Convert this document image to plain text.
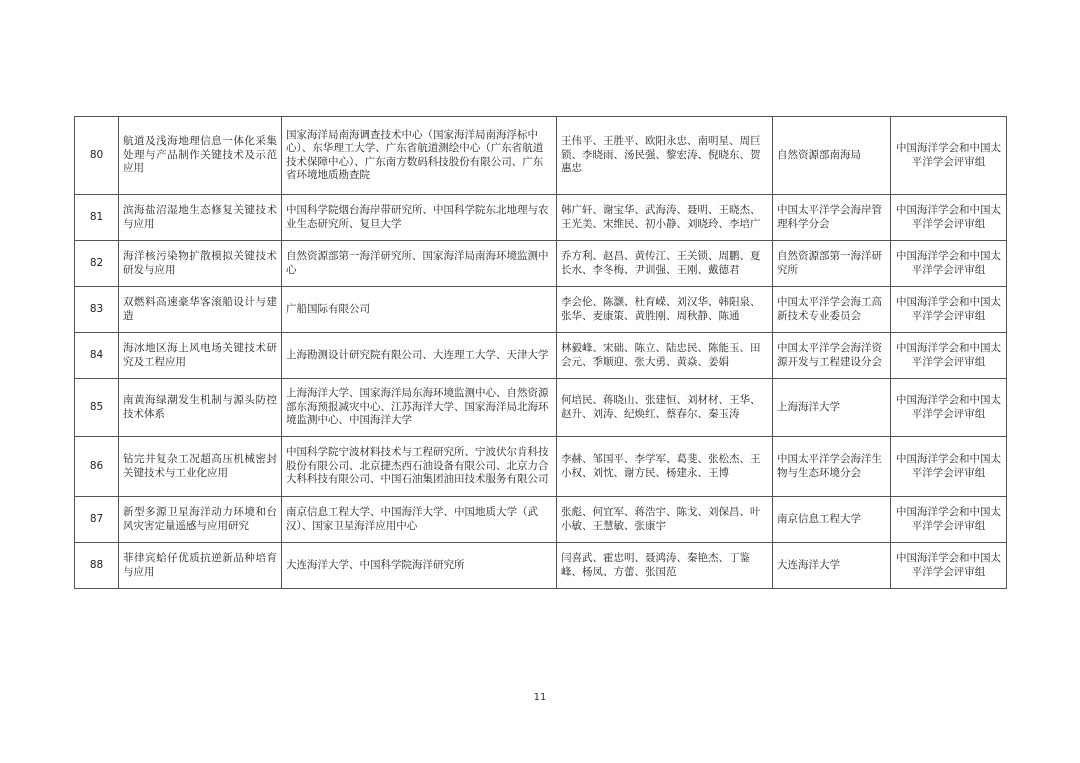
80	航道及浅海地理信息一体化采集处理与产品制作关键技术及示范应用	国家海洋局南海调查技术中心（国家海洋局南海浮标中心）、东华理工大学、广东省航道测绘中心（广东省航道技术保障中心）、广东南方数码科技股份有限公司、广东省环境地质勘查院	王伟平、王胜平、欧阳永忠、南明星、周巨锁、李晓雨、汤民强、黎宏涛、倪晓东、贺惠忠	自然资源部南海局	中国海洋学会和中国太平洋学会评审组
81	滨海盐沼湿地生态修复关键技术与应用	中国科学院烟台海岸带研究所、中国科学院东北地理与农业生态研究所、复旦大学	韩广轩、谢宝华、武海涛、聂明、王晓杰、王光美、宋维民、初小静、刘晓玲、李培广	中国太平洋学会海岸管理科学分会	中国海洋学会和中国太平洋学会评审组
82	海洋核污染物扩散模拟关键技术研发与应用	自然资源部第一海洋研究所、国家海洋局南海环境监测中心	乔方利、赵昌、黄传江、王关锁、周鹏、夏长水、李冬梅、尹训强、王刚、戴德君	自然资源部第一海洋研究所	中国海洋学会和中国太平洋学会评审组
83	双燃料高速豪华客滚船设计与建造	广船国际有限公司	李会伦、陈灏、杜育嵘、刘汉华、韩阳泉、张华、麦康策、黄胜刚、周秋静、陈通	中国太平洋学会海工高新技术专业委员会	中国海洋学会和中国太平洋学会评审组
84	海冰地区海上风电场关键技术研究及工程应用	上海勘测设计研究院有限公司、大连理工大学、天津大学	林毅峰、宋础、陈立、陆忠民、陈能玉、田会元、季顺迎、张大勇、黄焱、姜娟	中国太平洋学会海洋资源开发与工程建设分会	中国海洋学会和中国太平洋学会评审组
85	南黄海绿潮发生机制与源头防控技术体系	上海海洋大学、国家海洋局东海环境监测中心、自然资源部东海预报减灾中心、江苏海洋大学、国家海洋局北海环境监测中心、中国海洋大学	何培民、蒋晓山、张建恒、刘材材、王华、赵升、刘涛、纪焕红、蔡春尔、秦玉涛	上海海洋大学	中国海洋学会和中国太平洋学会评审组
86	钻完井复杂工况超高压机械密封关键技术与工业化应用	中国科学院宁波材料技术与工程研究所、宁波伏尔肯科技股份有限公司、北京捷杰西石油设备有限公司、北京力合大科科技有限公司、中国石油集团油田技术服务有限公司	李赫、邹国平、李学军、葛斐、张松杰、王小权、刘忱、谢方民、杨建永、王博	中国太平洋学会海洋生物与生态环境分会	中国海洋学会和中国太平洋学会评审组
87	新型多源卫星海洋动力环境和台风灾害定量遥感与应用研究	南京信息工程大学、中国海洋大学、中国地质大学（武汉）、国家卫星海洋应用中心	张彪、何宜军、蒋浩宇、陈戈、刘保昌、叶小敏、王慧敏、张康宇	南京信息工程大学	中国海洋学会和中国太平洋学会评审组
88	菲律宾蛤仔优质抗逆新品种培育与应用	大连海洋大学、中国科学院海洋研究所	闫喜武、霍忠明、聂鸿涛、秦艳杰、丁鉴峰、杨凤、方蕾、张国范	大连海洋大学	中国海洋学会和中国太平洋学会评审组
11
